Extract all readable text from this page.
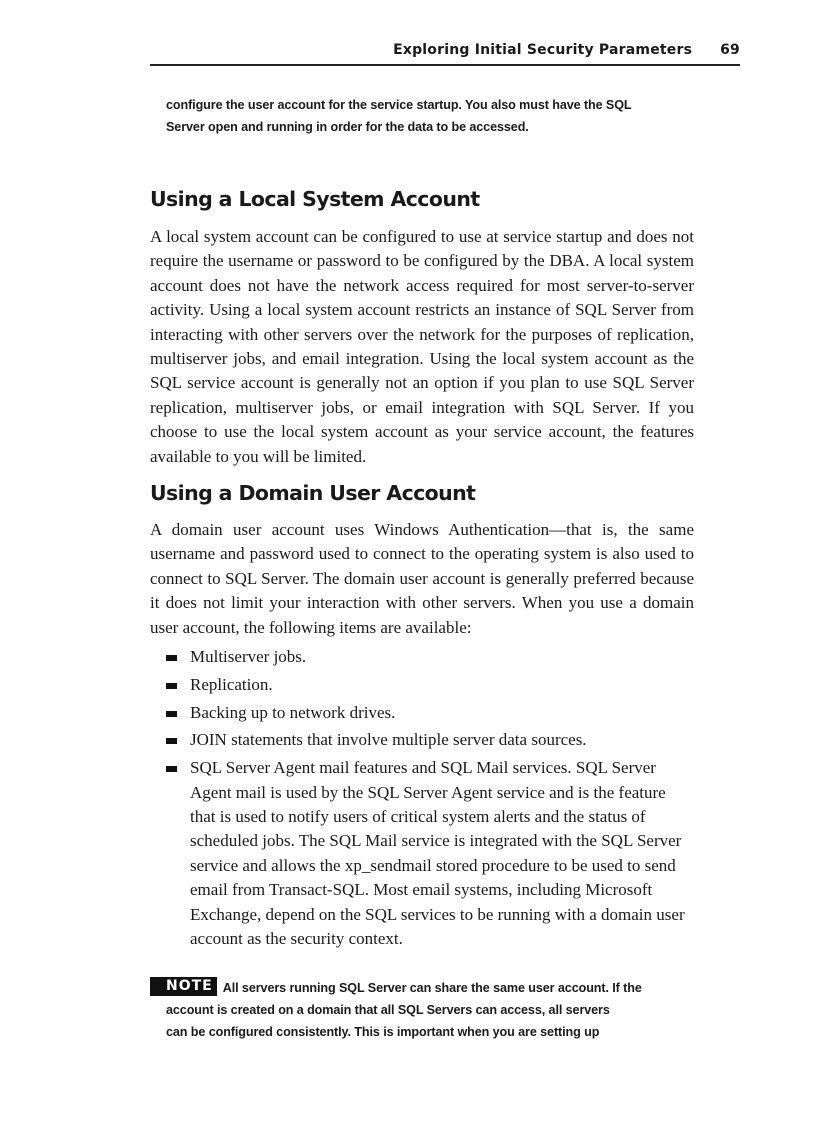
Exploring Initial Security Parameters 69
configure the user account for the service startup. You also must have the SQL
Server open and running in order for the data to be accessed.
Using a Local System Account

A local system account can be configured to use at service startup and does not require the username or password to be configured by the DBA. A local system account does not have the network access required for most server-to-server activity. Using a local system account restricts an instance of SQL Server from interacting with other servers over the network for the purposes of replication, multiserver jobs, and email integration. Using the local system account as the SQL service account is generally not an option if you plan to use SQL Server replication, multiserver jobs, or email integration with SQL Server. If you choose to use the local system account as your service account, the features available to you will be limited.

Using a Domain User Account

A domain user account uses Windows Authentication—that is, the same username and password used to connect to the operating system is also used to connect to SQL Server. The domain user account is generally preferred because it does not limit your interaction with other servers. When you use a domain user account, the following items are available:

Multiserver jobs.
Replication.
Backing up to network drives.
JOIN statements that involve multiple server data sources.
SQL Server Agent mail features and SQL Mail services. SQL Server Agent mail is used by the SQL Server Agent service and is the feature that is used to notify users of critical system alerts and the status of scheduled jobs. The SQL Mail service is integrated with the SQL Server service and allows the xp_sendmail stored procedure to be used to send email from Transact-SQL. Most email systems, including Microsoft Exchange, depend on the SQL services to be running with a domain user account as the security context.
NOTE All servers running SQL Server can share the same user account. If the
account is created on a domain that all SQL Servers can access, all servers
can be configured consistently. This is important when you are setting up
